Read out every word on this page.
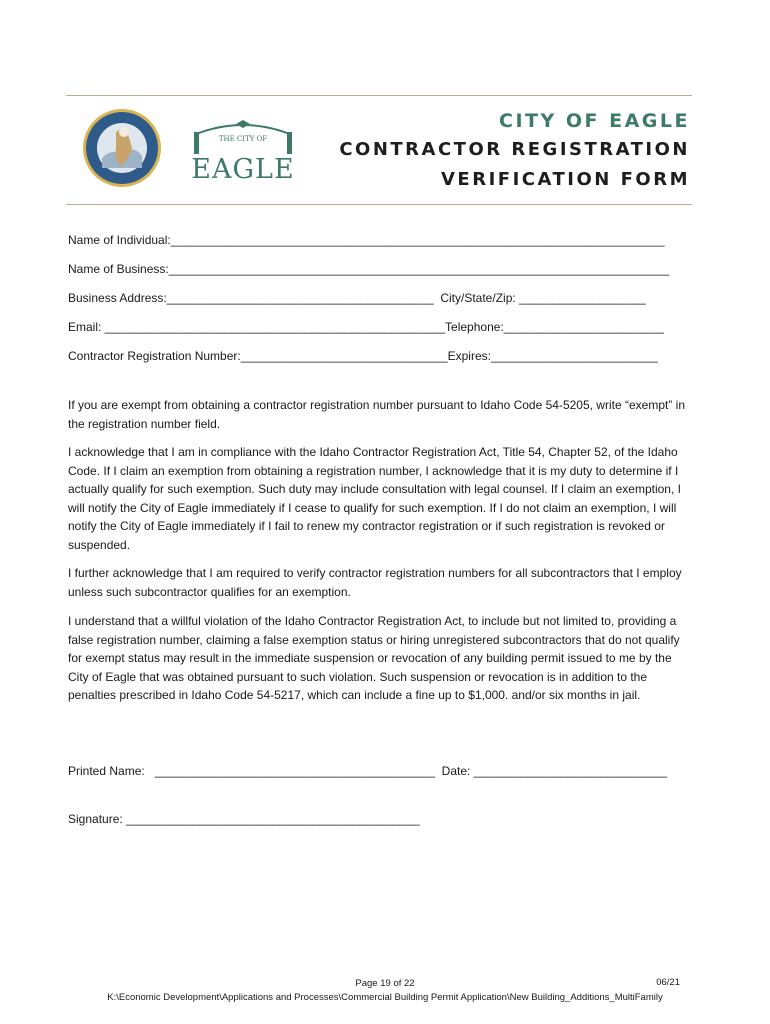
THE CITY OF
EAGLE
CITY OF EAGLE
CONTRACTOR REGISTRATION
VERIFICATION FORM
Name of Individual:__________________________________________________________________________
Name of Business:___________________________________________________________________________
Business Address:________________________________________  City/State/Zip: ___________________
Email: ___________________________________________________Telephone:________________________
Contractor Registration Number:_______________________________Expires:_________________________
If you are exempt from obtaining a contractor registration number pursuant to Idaho Code 54-5205, write “exempt” in the registration number field.
I acknowledge that I am in compliance with the Idaho Contractor Registration Act, Title 54, Chapter 52, of the Idaho Code. If I claim an exemption from obtaining a registration number, I acknowledge that it is my duty to determine if I actually qualify for such exemption. Such duty may include consultation with legal counsel. If I claim an exemption, I will notify the City of Eagle immediately if I cease to qualify for such exemption. If I do not claim an exemption, I will notify the City of Eagle immediately if I fail to renew my contractor registration or if such registration is revoked or suspended.
I further acknowledge that I am required to verify contractor registration numbers for all subcontractors that I employ unless such subcontractor qualifies for an exemption.
I understand that a willful violation of the Idaho Contractor Registration Act, to include but not limited to, providing a false registration number, claiming a false exemption status or hiring unregistered subcontractors that do not qualify for exempt status may result in the immediate suspension or revocation of any building permit issued to me by the City of Eagle that was obtained pursuant to such violation. Such suspension or revocation is in addition to the penalties prescribed in Idaho Code 54-5217, which can include a fine up to $1,000. and/or six months in jail.
Printed Name:   __________________________________________  Date: _____________________________
Signature: ____________________________________________
Page 19 of 22	06/21
K:\Economic Development\Applications and Processes\Commercial Building Permit Application\New Building_Additions_MultiFamily
